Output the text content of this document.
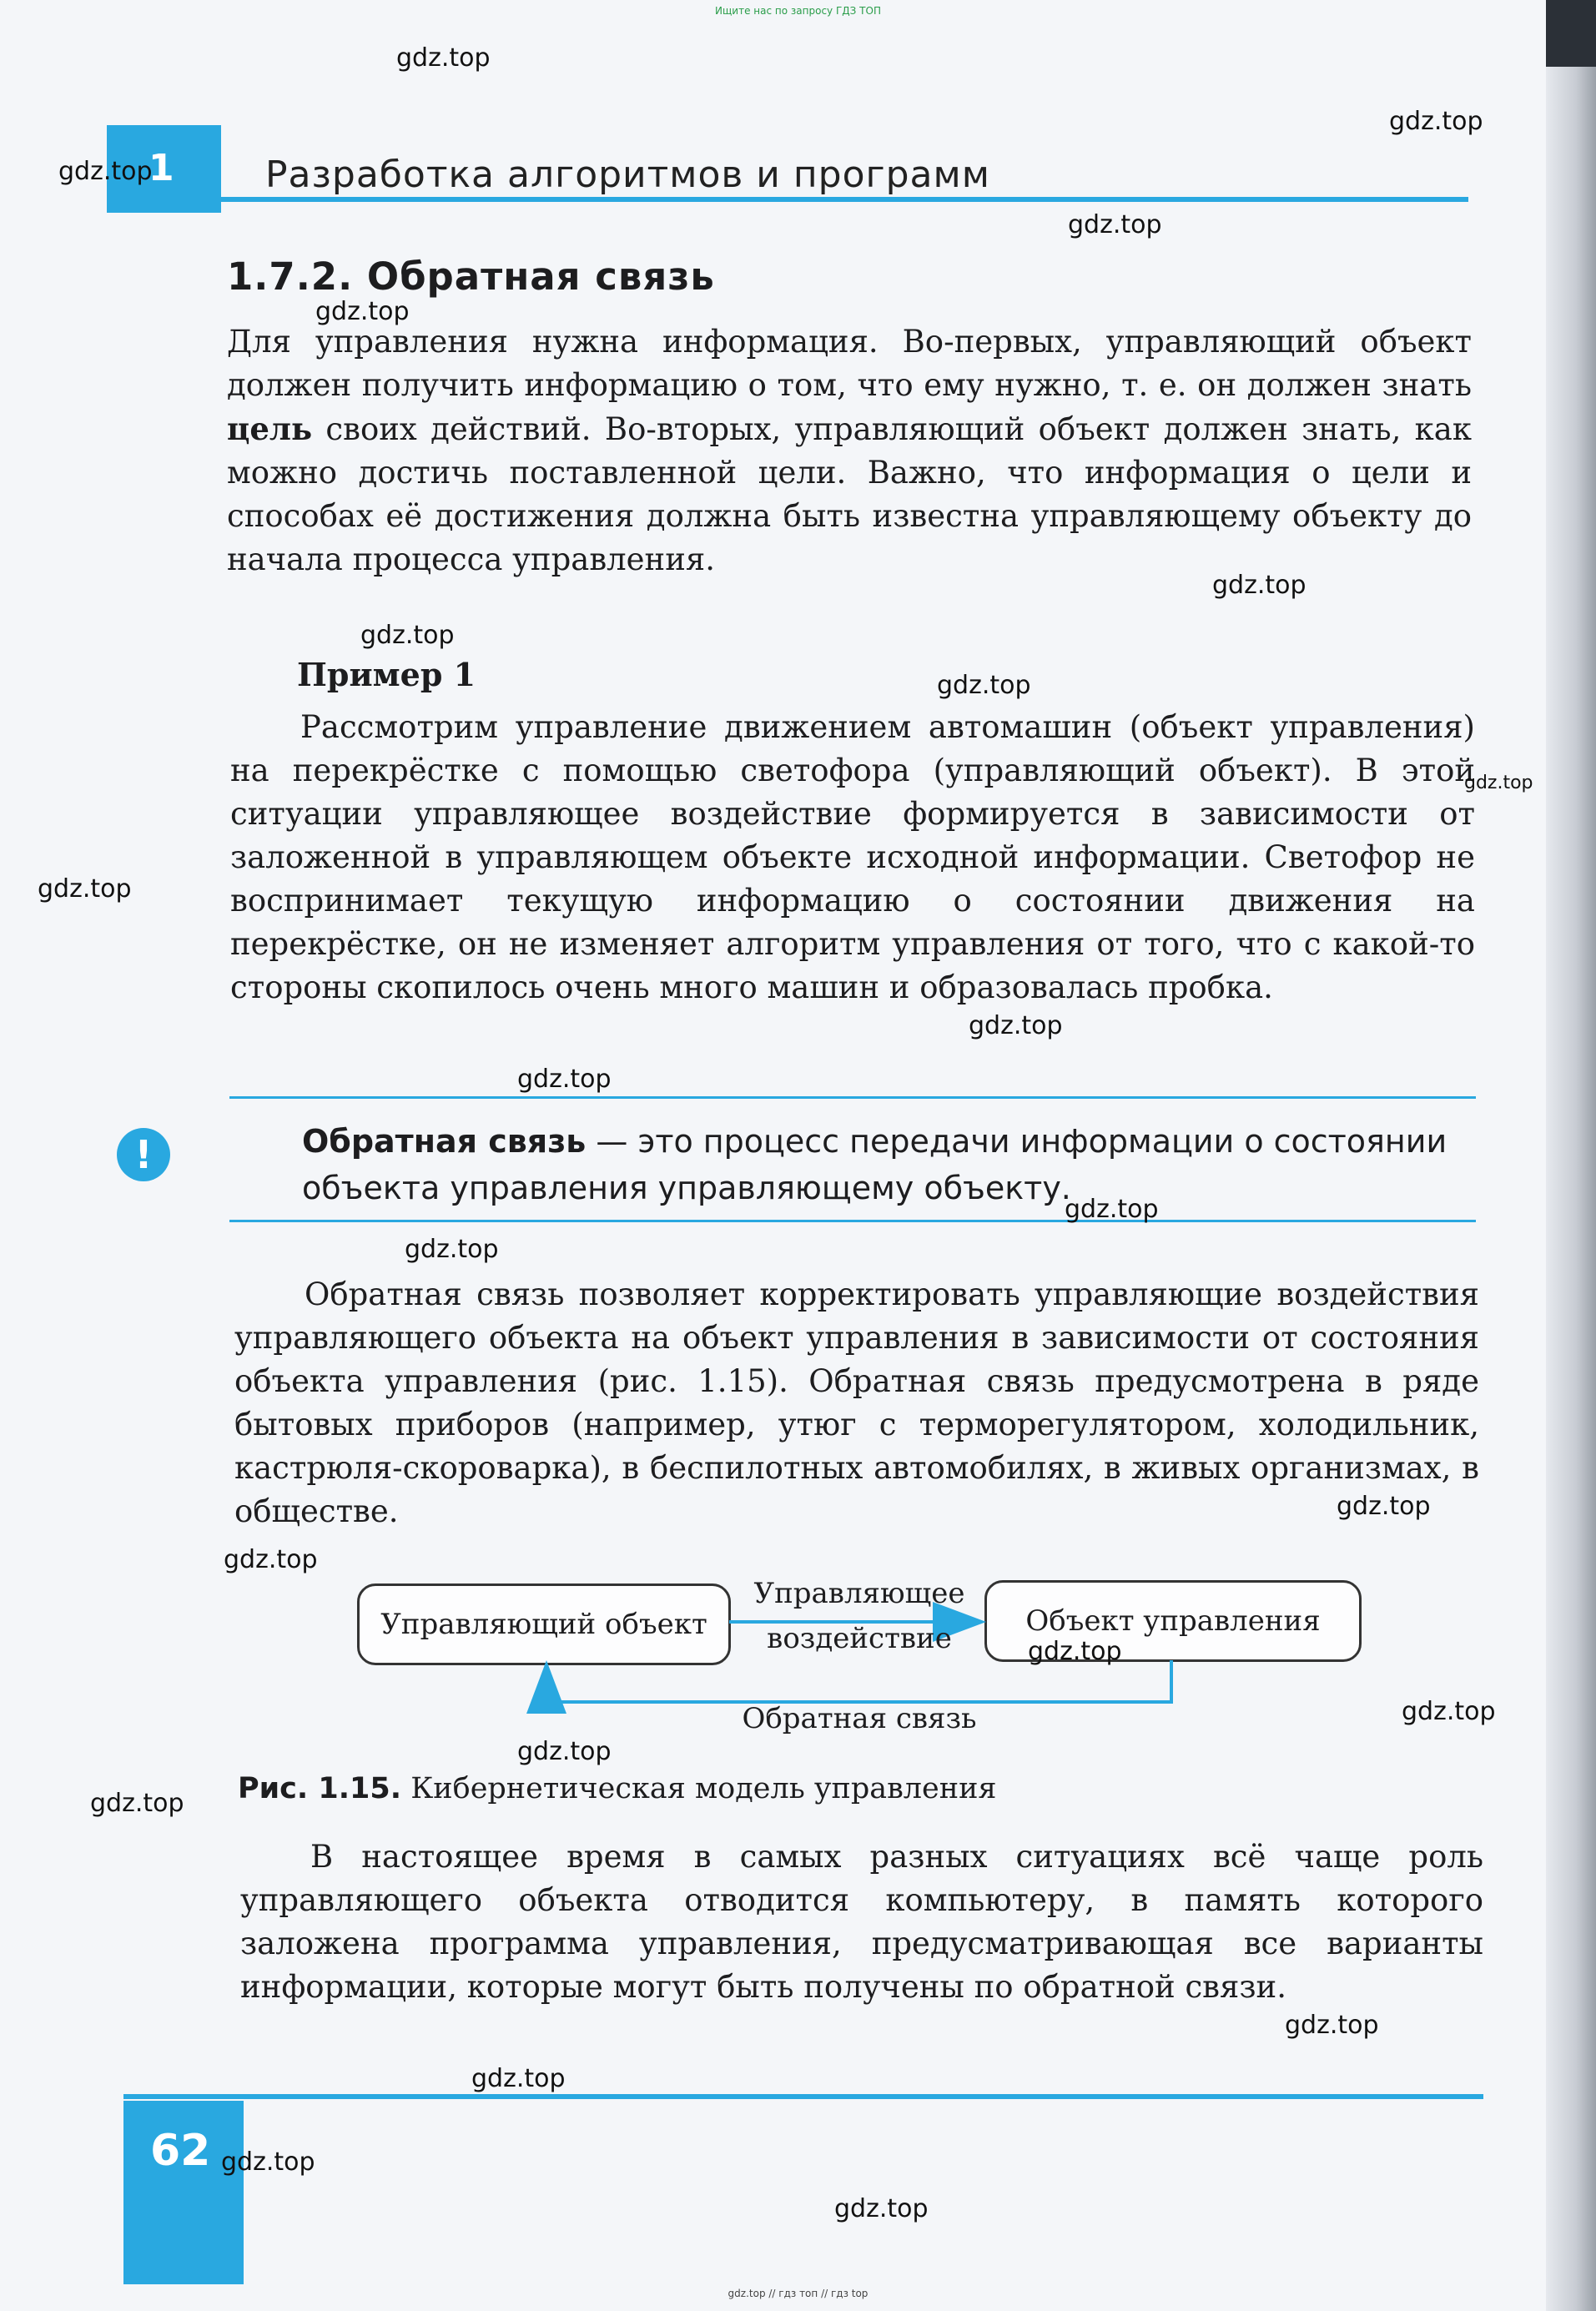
Ищите нас по запросу ГДЗ ТОП
1 Разработка алгоритмов и программ
1.7.2. Обратная связь

Для управления нужна информация. Во-первых, управляющий объект должен получить информацию о том, что ему нужно, т. е. он должен знать цель своих действий. Во-вторых, управляющий объект должен знать, как можно достичь поставленной цели. Важно, что информация о цели и способах её достижения должна быть известна управляющему объекту до начала процесса управления.

Пример 1

Рассмотрим управление движением автомашин (объект управления) на перекрёстке с помощью светофора (управляющий объект). В этой ситуации управляющее воздействие формируется в зависимости от заложенной в управляющем объекте исходной информации. Светофор не воспринимает текущую информацию о состоянии движения на перекрёстке, он не изменяет алгоритм управления от того, что с какой-то стороны скопилось очень много машин и образовалась пробка.

!	Обратная связь — это процесс передачи информации о состоянии объекта управления управляющему объекту.

Обратная связь позволяет корректировать управляющие воздействия управляющего объекта на объект управления в зависимости от состояния объекта управления (рис. 1.15). Обратная связь предусмотрена в ряде бытовых приборов (например, утюг с терморегулятором, холодильник, кастрюля-скороварка), в беспилотных автомобилях, в живых организмах, в обществе.

Управляющий объект	Объект управления
Управляющее
воздействие
Обратная связь
Рис. 1.15. Кибернетическая модель управления

В настоящее время в самых разных ситуациях всё чаще роль управляющего объекта отводится компьютеру, в память которого заложена программа управления, предусматривающая все варианты информации, которые могут быть получены по обратной связи.

62
gdz.top
gdz.top
gdz.top
gdz.top
gdz.top
gdz.top
gdz.top
gdz.top
gdz.top
gdz.top
gdz.top
gdz.top
gdz.top
gdz.top
gdz.top
gdz.top
gdz.top
gdz.top
gdz.top
gdz.top
gdz.top
gdz.top
gdz.top
gdz.top
gdz.top // гдз топ // гдз top
